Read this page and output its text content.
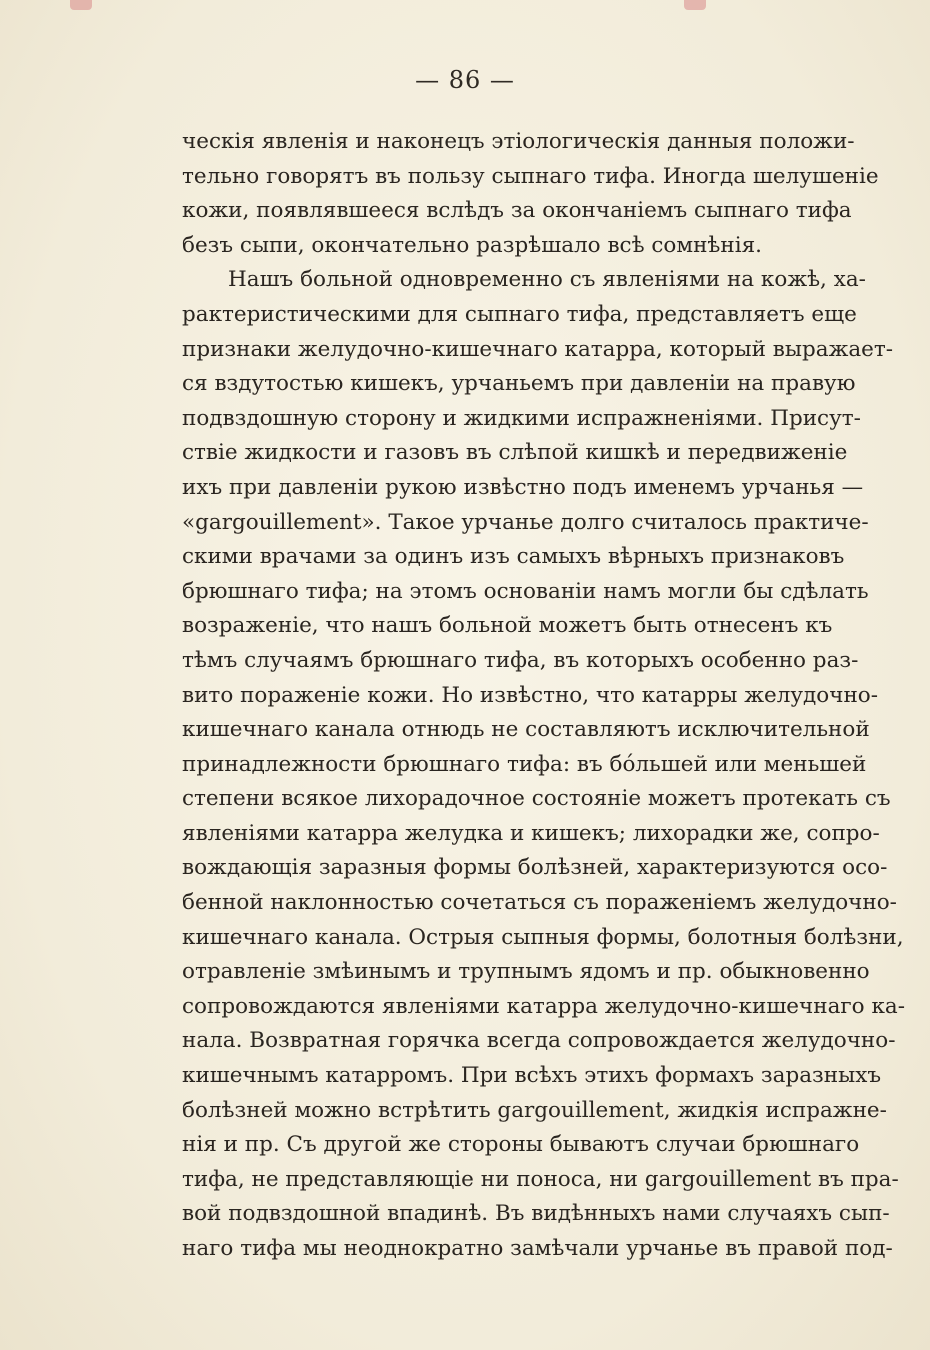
— 86 —
ческія явленія и наконецъ этіологическія данныя положи-
тельно говорятъ въ пользу сыпнаго тифа. Иногда шелушеніе
кожи, появлявшееся вслѣдъ за окончаніемъ сыпнаго тифа
безъ сыпи, окончательно разрѣшало всѣ сомнѣнія.
Нашъ больной одновременно съ явленіями на кожѣ, ха-
рактеристическими для сыпнаго тифа, представляетъ еще
признаки желудочно-кишечнаго катарра, который выражает-
ся вздутостью кишекъ, урчаньемъ при давленіи на правую
подвздошную сторону и жидкими испражненіями. Присут-
ствіе жидкости и газовъ въ слѣпой кишкѣ и передвиженіе
ихъ при давленіи рукою извѣстно подъ именемъ урчанья —
«gargouillement». Такое урчанье долго считалось практиче-
скими врачами за одинъ изъ самыхъ вѣрныхъ признаковъ
брюшнаго тифа; на этомъ основаніи намъ могли бы сдѣлать
возраженіе, что нашъ больной можетъ быть отнесенъ къ
тѣмъ случаямъ брюшнаго тифа, въ которыхъ особенно раз-
вито пораженіе кожи. Но извѣстно, что катарры желудочно-
кишечнаго канала отнюдь не составляютъ исключительной
принадлежности брюшнаго тифа: въ бо́льшей или меньшей
степени всякое лихорадочное состояніе можетъ протекать съ
явленіями катарра желудка и кишекъ; лихорадки же, сопро-
вождающія заразныя формы болѣзней, характеризуются осо-
бенной наклонностью сочетаться съ пораженіемъ желудочно-
кишечнаго канала. Острыя сыпныя формы, болотныя болѣзни,
отравленіе змѣинымъ и трупнымъ ядомъ и пр. обыкновенно
сопровождаются явленіями катарра желудочно-кишечнаго ка-
нала. Возвратная горячка всегда сопровождается желудочно-
кишечнымъ катарромъ. При всѣхъ этихъ формахъ заразныхъ
болѣзней можно встрѣтить gargouillement, жидкія испражне-
нія и пр. Съ другой же стороны бываютъ случаи брюшнаго
тифа, не представляющіе ни поноса, ни gargouillement въ пра-
вой подвздошной впадинѣ. Въ видѣнныхъ нами случаяхъ сып-
наго тифа мы неоднократно замѣчали урчанье въ правой под-
